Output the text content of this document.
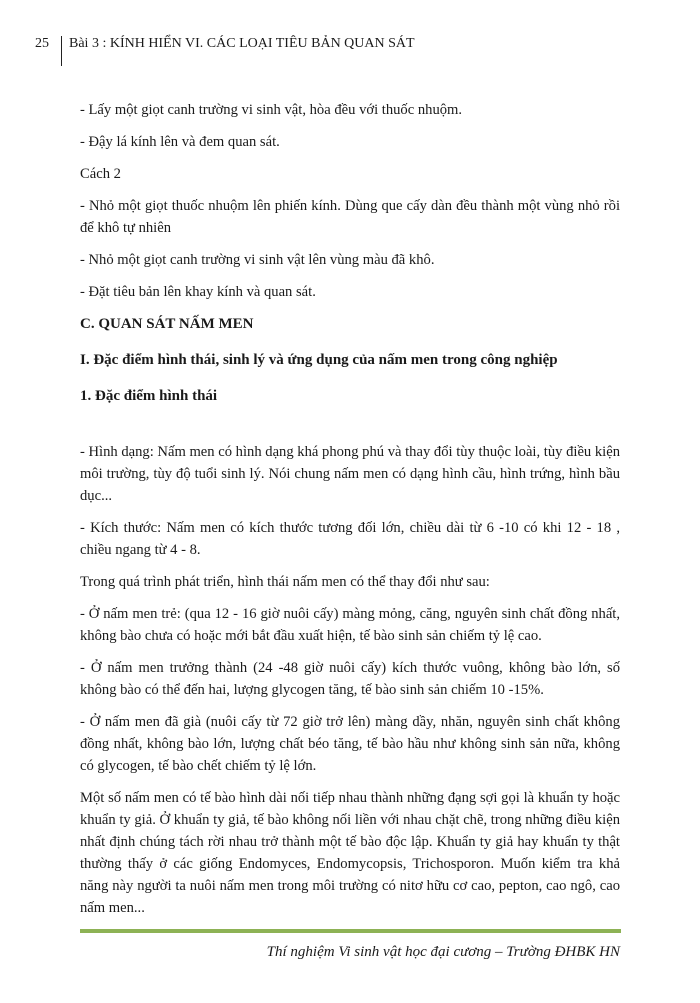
25	Bài 3 : KÍNH HIỂN VI. CÁC LOẠI TIÊU BẢN QUAN SÁT

- Lấy một giọt canh trường vi sinh vật, hòa đều với thuốc nhuộm.

- Đậy lá kính lên và đem quan sát.

Cách 2

- Nhỏ một giọt thuốc nhuộm lên phiến kính. Dùng que cấy dàn đều thành một vùng nhỏ rồi để khô tự nhiên

- Nhỏ một giọt canh trường vi sinh vật lên vùng màu đã khô.

- Đặt tiêu bản lên khay kính và quan sát.

C. QUAN SÁT NẤM MEN

I. Đặc điểm hình thái, sinh lý và ứng dụng của nấm men trong công nghiệp

1. Đặc điểm hình thái

- Hình dạng: Nấm men có hình dạng khá phong phú và thay đổi tùy thuộc loài, tùy điều kiện môi trường, tùy độ tuổi sinh lý. Nói chung nấm men có dạng hình cầu, hình trứng, hình bầu dục...

- Kích thước: Nấm men có kích thước tương đối lớn, chiều dài từ 6 -10 có khi 12 - 18 , chiều ngang từ 4 - 8.

Trong quá trình phát triển, hình thái nấm men có thể thay đổi như sau:

- Ở nấm men trẻ: (qua 12 - 16 giờ nuôi cấy) màng mỏng, căng, nguyên sinh chất đồng nhất, không bào chưa có hoặc mới bắt đầu xuất hiện, tế bào sinh sản chiếm tỷ lệ cao.

- Ở nấm men trưởng thành (24 -48 giờ nuôi cấy) kích thước vuông, không bào lớn, số không bào có thể đến hai, lượng glycogen tăng, tế bào sinh sản chiếm 10 -15%.

- Ở nấm men đã già (nuôi cấy từ 72 giờ trở lên) màng dầy, nhăn, nguyên sinh chất không đồng nhất, không bào lớn, lượng chất béo tăng, tế bào hầu như không sinh sản nữa, không có glycogen, tế bào chết chiếm tỷ lệ lớn.

Một số nấm men có tế bào hình dài nối tiếp nhau thành những đạng sợi gọi là khuẩn ty hoặc khuẩn ty giả. Ở khuẩn ty giả, tế bào không nối liền với nhau chặt chẽ, trong những điều kiện nhất định chúng tách rời nhau trở thành một tế bào độc lập. Khuẩn ty giả hay khuẩn ty thật thường thấy ở các giống Endomyces, Endomycopsis, Trichosporon. Muốn kiểm tra khả năng này người ta nuôi nấm men trong môi trường có nitơ hữu cơ cao, pepton, cao ngô, cao nấm men...

Thí nghiệm Vi sinh vật học đại cương – Trường ĐHBK HN
